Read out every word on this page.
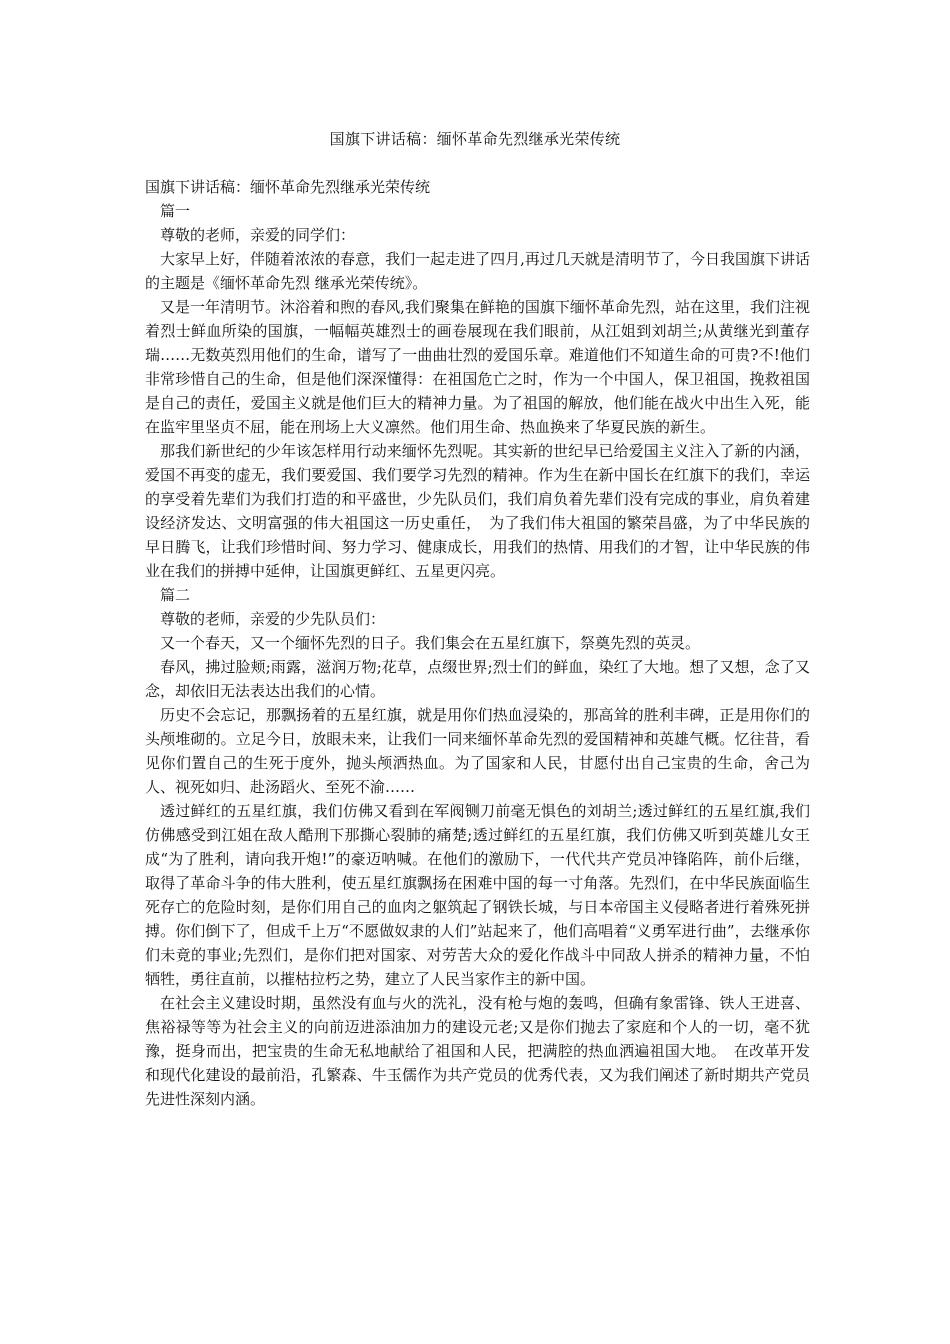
国旗下讲话稿：缅怀革命先烈继承光荣传统

国旗下讲话稿：缅怀革命先烈继承光荣传统

篇一

尊敬的老师，亲爱的同学们：

大家早上好，伴随着浓浓的春意，我们一起走进了四月,再过几天就是清明节了，今日我国旗下讲话的主题是《缅怀革命先烈 继承光荣传统》。

又是一年清明节。沐浴着和煦的春风,我们聚集在鲜艳的国旗下缅怀革命先烈，站在这里，我们注视着烈士鲜血所染的国旗，一幅幅英雄烈士的画卷展现在我们眼前，从江姐到刘胡兰;从黄继光到董存瑞……无数英烈用他们的生命，谱写了一曲曲壮烈的爱国乐章。难道他们不知道生命的可贵?不!他们非常珍惜自己的生命，但是他们深深懂得：在祖国危亡之时，作为一个中国人，保卫祖国，挽救祖国是自己的责任，爱国主义就是他们巨大的精神力量。为了祖国的解放，他们能在战火中出生入死，能在监牢里坚贞不屈，能在刑场上大义凛然。他们用生命、热血换来了华夏民族的新生。

那我们新世纪的少年该怎样用行动来缅怀先烈呢。其实新的世纪早已给爱国主义注入了新的内涵，爱国不再变的虚无，我们要爱国、我们要学习先烈的精神。作为生在新中国长在红旗下的我们，幸运的享受着先辈们为我们打造的和平盛世，少先队员们，我们肩负着先辈们没有完成的事业，肩负着建设经济发达、文明富强的伟大祖国这一历史重任，　为了我们伟大祖国的繁荣昌盛，为了中华民族的早日腾飞，让我们珍惜时间、努力学习、健康成长，用我们的热情、用我们的才智，让中华民族的伟业在我们的拼搏中延伸，让国旗更鲜红、五星更闪亮。

篇二

尊敬的老师，亲爱的少先队员们：

又一个春天，又一个缅怀先烈的日子。我们集会在五星红旗下，祭奠先烈的英灵。

春风，拂过脸颊;雨露，滋润万物;花草，点缀世界;烈士们的鲜血，染红了大地。想了又想，念了又念，却依旧无法表达出我们的心情。

历史不会忘记，那飘扬着的五星红旗，就是用你们热血浸染的，那高耸的胜利丰碑，正是用你们的头颅堆砌的。立足今日，放眼未来，让我们一同来缅怀革命先烈的爱国精神和英雄气概。忆往昔，看见你们置自己的生死于度外，抛头颅洒热血。为了国家和人民，甘愿付出自己宝贵的生命，舍己为人、视死如归、赴汤蹈火、至死不渝……

透过鲜红的五星红旗，我们仿佛又看到在军阀铡刀前毫无惧色的刘胡兰;透过鲜红的五星红旗,我们仿佛感受到江姐在敌人酷刑下那撕心裂肺的痛楚;透过鲜红的五星红旗，我们仿佛又听到英雄儿女王成“为了胜利，请向我开炮!”的豪迈呐喊。在他们的激励下，一代代共产党员冲锋陷阵，前仆后继，取得了革命斗争的伟大胜利，使五星红旗飘扬在困难中国的每一寸角落。先烈们，在中华民族面临生死存亡的危险时刻，是你们用自己的血肉之躯筑起了钢铁长城，与日本帝国主义侵略者进行着殊死拼搏。你们倒下了，但成千上万“不愿做奴隶的人们”站起来了，他们高唱着“义勇军进行曲”，去继承你们未竟的事业;先烈们，是你们把对国家、对劳苦大众的爱化作战斗中同敌人拼杀的精神力量，不怕牺牲，勇往直前，以摧枯拉朽之势，建立了人民当家作主的新中国。

在社会主义建设时期，虽然没有血与火的洗礼，没有枪与炮的轰鸣，但确有象雷锋、铁人王进喜、焦裕禄等等为社会主义的向前迈进添油加力的建设元老;又是你们抛去了家庭和个人的一切，毫不犹豫，挺身而出，把宝贵的生命无私地献给了祖国和人民，把满腔的热血洒遍祖国大地。　在改革开发和现代化建设的最前沿，孔繁森、牛玉儒作为共产党员的优秀代表，又为我们阐述了新时期共产党员先进性深刻内涵。
